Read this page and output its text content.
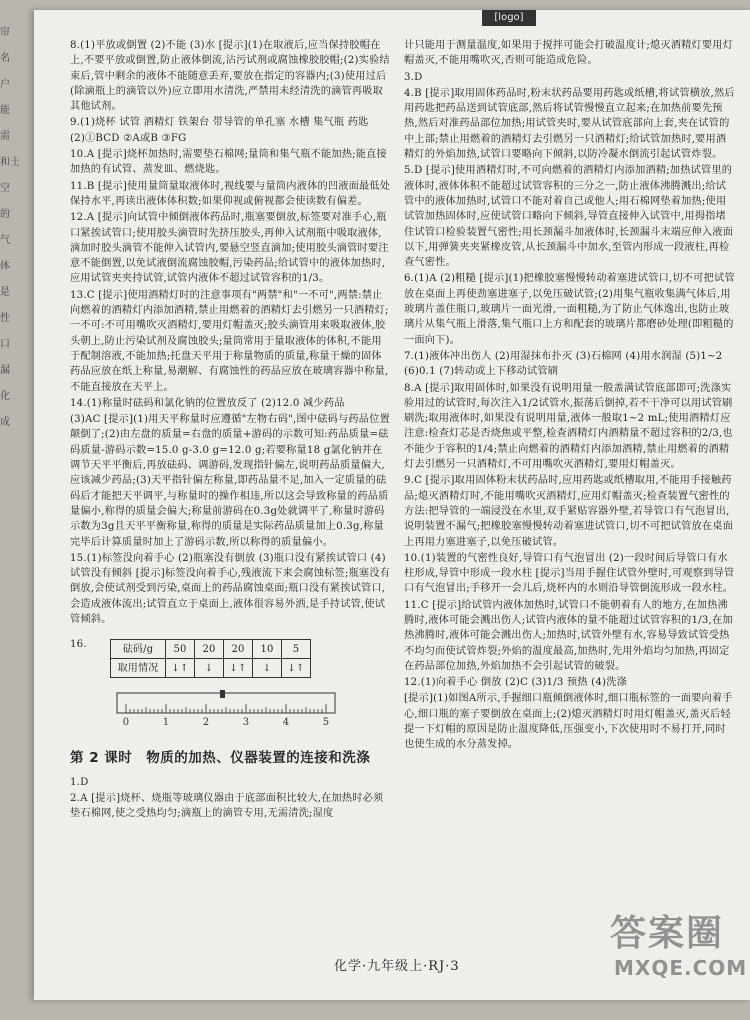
帘
名
户
能
需
和土
空
的
气
体
是
性
口
漏
化
成
[logo]

8.(1)平放或倒置 (2)不能 (3)水 [提示](1)在取液后,应当保持胶帽在上,不要平放或倒置,防止液体倒流,沾污试剂或腐蚀橡胶胶帽;(2)实验结束后,管中剩余的液体不能随意丢弃,要放在指定的容器内;(3)使用过后(除滴瓶上的滴管以外)应立即用水清洗,严禁用未经清洗的滴管再吸取其他试剂。

9.(1)烧杯 试管 酒精灯 铁架台 带导管的单孔塞 水槽 集气瓶 药匙 (2)①BCD ②A或B ③FG

10.A [提示]烧杯加热时,需要垫石棉网;量筒和集气瓶不能加热;能直接加热的有试管、蒸发皿、燃烧匙。

11.B [提示]使用量筒量取液体时,视线要与量筒内液体的凹液面最低处保持水平,再读出液体体积数;如果仰视或俯视都会使读数有偏差。

12.A [提示]向试管中倾倒液体药品时,瓶塞要倒放,标签要对准手心,瓶口紧挨试管口;使用胶头滴管时先挤压胶头,再伸入试剂瓶中吸取液体,滴加时胶头滴管不能伸入试管内,要悬空竖直滴加;使用胶头滴管时要注意不能倒置,以免试液倒流腐蚀胶帽,污染药品;给试管中的液体加热时,应用试管夹夹持试管,试管内液体不超过试管容积的1/3。

13.C [提示]使用酒精灯时的注意事项有"两禁"和"一不可",两禁:禁止向燃着的酒精灯内添加酒精,禁止用燃着的酒精灯去引燃另一只酒精灯;一不可:不可用嘴吹灭酒精灯,要用灯帽盖灭;胶头滴管用来吸取液体,胶头朝上,防止污染试剂及腐蚀胶头;量筒常用于量取液体的体积,不能用于配制溶液,不能加热;托盘天平用于称量物质的质量,称量干燥的固体药品应放在纸上称量,易潮解、有腐蚀性的药品应放在玻璃容器中称量,不能直接放在天平上。

14.(1)称量时砝码和氯化钠的位置放反了 (2)12.0 减少药品

(3)AC [提示](1)用天平称量时应遵循"左物右码",图中砝码与药品位置颠倒了;(2)由左盘的质量=右盘的质量+游码的示数可知:药品质量=砝码质量-游码示数=15.0 g-3.0 g=12.0 g;若要称量18 g氯化钠并在调节天平平衡后,再放砝码、调游码,发现指针偏左,说明药品质量偏大,应该减少药品;(3)天平指针偏左称量,即药品量不足,加入一定质量的砝码后才能把天平调平,与称量时的操作相违,所以这会导致称量的药品质量偏小,称得的质量会偏大;称量前游码在0.3g处就调平了,称量时游码示数为3g且天平平衡称量,称得的质量是实际药品质量加上0.3g,称量完毕后计算质量时加上了游码示数,所以称得的质量偏小。

15.(1)标签没向着手心 (2)瓶塞没有倒放 (3)瓶口没有紧挨试管口 (4)试管没有倾斜 [提示]标签没向着手心,残液流下来会腐蚀标签;瓶塞没有倒放,会使试剂受到污染,桌面上的药品腐蚀桌面;瓶口没有紧挨试管口,会造成液体流出;试管直立于桌面上,液体很容易外洒,是手持试管,使试管倾斜。

16.	砝码/g	50	20	20	10	5
取用情况	↓↑	↓	↓↑	↓	↓↑
0	1	2	3	4	5
第 2 课时　物质的加热、仪器装置的连接和洗涤

1.D

2.A [提示]烧杯、烧瓶等玻璃仪器由于底部面积比较大,在加热时必须垫石棉网,使之受热均匀;滴瓶上的滴管专用,无需清洗;湿度

计只能用于测量温度,如果用于搅拌可能会打破温度计;熄灭酒精灯要用灯帽盖灭,不能用嘴吹灭,否则可能造成危险。

3.D

4.B [提示]取用固体药品时,粉末状药品要用药匙或纸槽,将试管横放,然后用药匙把药品送到试管底部,然后将试管慢慢直立起来;在加热前要先预热,然后对准药品部位加热;用试管夹时,要从试管底部向上套,夹在试管的中上部;禁止用燃着的酒精灯去引燃另一只酒精灯;给试管加热时,要用酒精灯的外焰加热,试管口要略向下倾斜,以防冷凝水倒流引起试管炸裂。

5.D [提示]使用酒精灯时,不可向燃着的酒精灯内添加酒精;加热试管里的液体时,液体体积不能超过试管容积的三分之一,防止液体沸腾溅出;给试管中的液体加热时,试管口不能对着自己或他人;用石棉网垫着加热;使用试管加热固体时,应使试管口略向下倾斜,导管直接伸入试管中,用拇指堵住试管口检验装置气密性;用长颈漏斗加液体时,长颈漏斗末端应伸入液面以下,用弹簧夹夹紧橡皮管,从长颈漏斗中加水,至管内形成一段液柱,再检查气密性。

6.(1)A (2)粗糙 [提示](1)把橡胶塞慢慢转动着塞进试管口,切不可把试管放在桌面上再使劲塞进塞子,以免压破试管;(2)用集气瓶收集满气体后,用玻璃片盖住瓶口,玻璃片一面光滑,一面粗糙,为了防止气体逸出,也防止玻璃片从集气瓶上滑落,集气瓶口上方和配套的玻璃片都磨砂处理(即粗糙的一面向下)。

7.(1)液体冲出伤人 (2)用湿抹布扑灭 (3)石棉网 (4)用水润湿 (5)1~2 (6)0.1 (7)转动或上下移动试管刷

8.A [提示]取用固体时,如果没有说明用量一般盖满试管底部即可;洗涤实验用过的试管时,每次注入1/2试管水,振荡后倒掉,若不干净可以用试管刷刷洗;取用液体时,如果没有说明用量,液体一般取1~2 mL;使用酒精灯应注意:检查灯芯是否烧焦或平整,检查酒精灯内酒精量不超过容积的2/3,也不能少于容积的1/4;禁止向燃着的酒精灯内添加酒精,禁止用燃着的酒精灯去引燃另一只酒精灯,不可用嘴吹灭酒精灯,要用灯帽盖灭。

9.C [提示]取用固体粉末状药品时,应用药匙或纸槽取用,不能用手接触药品;熄灭酒精灯时,不能用嘴吹灭酒精灯,应用灯帽盖灭;检查装置气密性的方法:把导管的一端浸没在水里,双手紧贴容器外壁,若导管口有气泡冒出,说明装置不漏气;把橡胶塞慢慢转动着塞进试管口,切不可把试管放在桌面上再用力塞进塞子,以免压破试管。

10.(1)装置的气密性良好,导管口有气泡冒出 (2)一段时间后导管口有水柱形成,导管中形成一段水柱 [提示]当用手握住试管外壁时,可观察到导管口有气泡冒出;手移开一会儿后,烧杯内的水则沿导管倒流形成一段水柱。

11.C [提示]给试管内液体加热时,试管口不能朝着有人的地方,在加热沸腾时,液体可能会溅出伤人;试管内液体的量不能超过试管容积的1/3,在加热沸腾时,液体可能会溅出伤人;加热时,试管外壁有水,容易导致试管受热不均匀而使试管炸裂;外焰的温度最高,加热时,先用外焰均匀加热,再固定在药品部位加热,外焰加热不会引起试管的破裂。

12.(1)向着手心 倒放 (2)C (3)1/3 预热 (4)洗涤

[提示](1)如图A所示,手握细口瓶倾倒液体时,细口瓶标签的一面要向着手心,细口瓶的塞子要倒放在桌面上;(2)熄灭酒精灯时用灯帽盖灭,盖灭后轻提一下灯帽的原因是防止温度降低,压强变小,下次使用时不易打开,同时也使生成的水分蒸发掉。

化学·九年级上·RJ·3
答案圈
MXQE.COM
